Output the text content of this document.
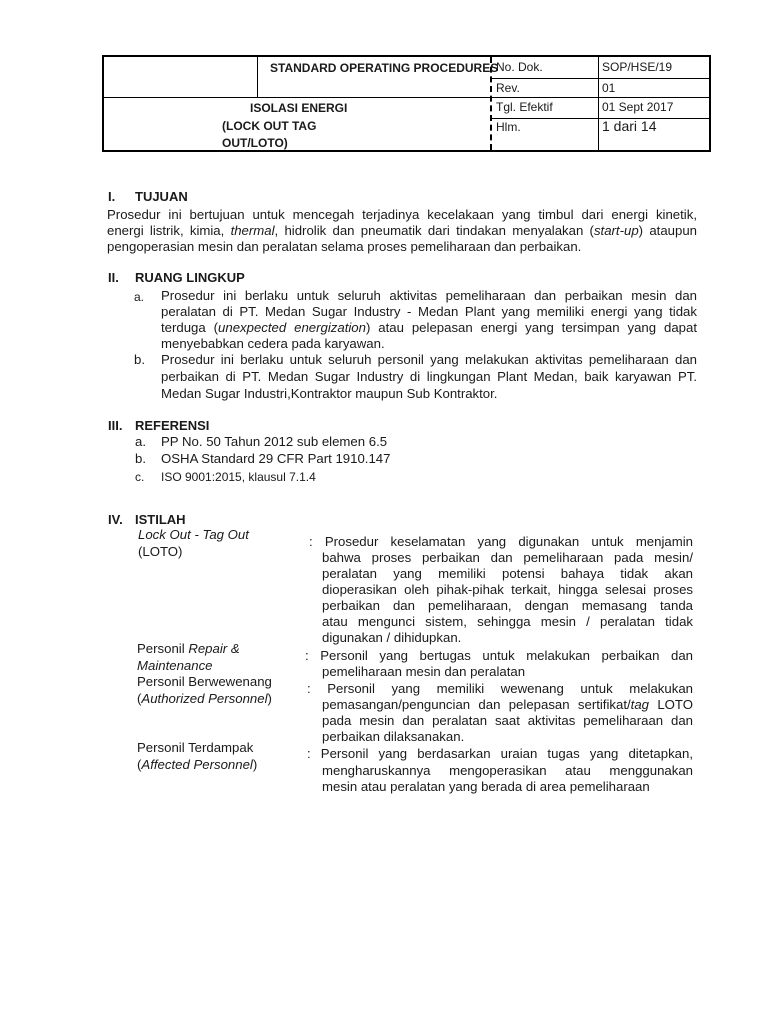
STANDARD OPERATING PROCEDURES
No. Dok.	SOP/HSE/19
Rev.	01
ISOLASI ENERGI
(LOCK OUT TAG
OUT/LOTO)
Tgl. Efektif	01 Sept 2017
Hlm.	1 dari 14
I. TUJUAN
Prosedur ini bertujuan untuk mencegah terjadinya kecelakaan yang timbul dari energi kinetik,
energi listrik, kimia, thermal, hidrolik dan pneumatik dari tindakan menyalakan (start-up) ataupun
pengoperasian mesin dan peralatan selama proses pemeliharaan dan perbaikan.
II. RUANG LINGKUP
a. Prosedur ini berlaku untuk seluruh aktivitas pemeliharaan dan perbaikan mesin dan
peralatan di PT. Medan Sugar Industry - Medan Plant yang memiliki energi yang tidak
terduga (unexpected energization) atau pelepasan energi yang tersimpan yang dapat
menyebabkan cedera pada karyawan.
b. Prosedur ini berlaku untuk seluruh personil yang melakukan aktivitas pemeliharaan dan
perbaikan di PT. Medan Sugar Industry di lingkungan Plant Medan, baik karyawan PT.
Medan Sugar Industri,Kontraktor maupun Sub Kontraktor.
III. REFERENSI
a. PP No. 50 Tahun 2012 sub elemen 6.5
b. OSHA Standard 29 CFR Part 1910.147
c. ISO 9001:2015, klausul 7.1.4
IV. ISTILAH
Lock Out - Tag Out
(LOTO)
: Prosedur keselamatan yang digunakan untuk menjamin
bahwa proses perbaikan dan pemeliharaan pada mesin/
peralatan yang memiliki potensi bahaya tidak akan
dioperasikan oleh pihak-pihak terkait, hingga selesai proses
perbaikan dan pemeliharaan, dengan memasang tanda
atau mengunci sistem, sehingga mesin / peralatan tidak
digunakan / dihidupkan.
Personil Repair &
Maintenance
: Personil yang bertugas untuk melakukan perbaikan dan
pemeliharaan mesin dan peralatan
Personil Berwewenang
(Authorized Personnel)
: Personil yang memiliki wewenang untuk melakukan
pemasangan/penguncian dan pelepasan sertifikat/tag LOTO
pada mesin dan peralatan saat aktivitas pemeliharaan dan
perbaikan dilaksanakan.
Personil Terdampak
(Affected Personnel)
: Personil yang berdasarkan uraian tugas yang ditetapkan,
mengharuskannya mengoperasikan atau menggunakan
mesin atau peralatan yang berada di area pemeliharaan
